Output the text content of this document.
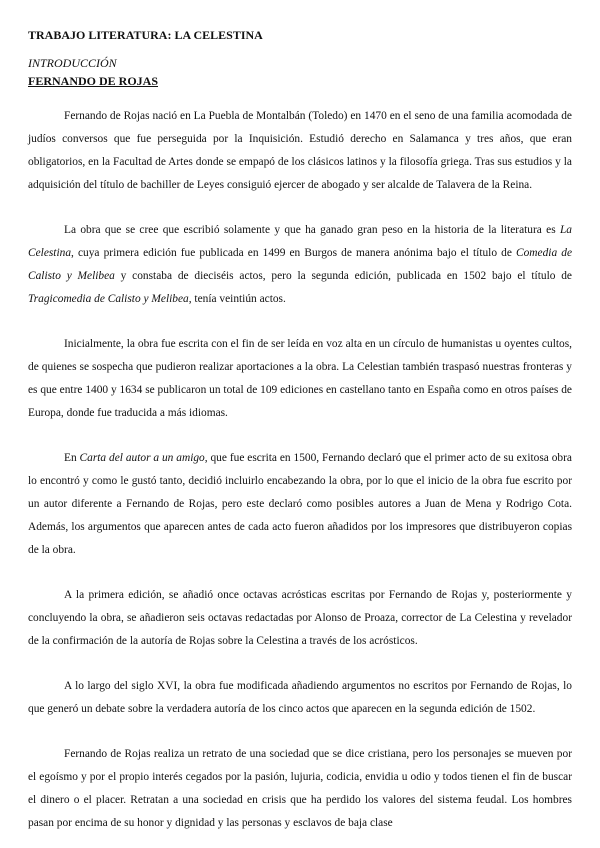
TRABAJO LITERATURA: LA CELESTINA
INTRODUCCIÓN
FERNANDO DE ROJAS

Fernando de Rojas nació en La Puebla de Montalbán (Toledo) en 1470 en el seno de una familia acomodada de judíos conversos que fue perseguida por la Inquisición. Estudió derecho en Salamanca y tres años, que eran obligatorios, en la Facultad de Artes donde se empapó de los clásicos latinos y la filosofía griega. Tras sus estudios y la adquisición del título de bachiller de Leyes consiguió ejercer de abogado y ser alcalde de Talavera de la Reina.

La obra que se cree que escribió solamente y que ha ganado gran peso en la historia de la literatura es La Celestina, cuya primera edición fue publicada en 1499 en Burgos de manera anónima bajo el título de Comedia de Calisto y Melibea y constaba de dieciséis actos, pero la segunda edición, publicada en 1502 bajo el título de Tragicomedia de Calisto y Melibea, tenía veintiún actos.

Inicialmente, la obra fue escrita con el fin de ser leída en voz alta en un círculo de humanistas u oyentes cultos, de quienes se sospecha que pudieron realizar aportaciones a la obra. La Celestian también traspasó nuestras fronteras y es que entre 1400 y 1634 se publicaron un total de 109 ediciones en castellano tanto en España como en otros países de Europa, donde fue traducida a más idiomas.

En Carta del autor a un amigo, que fue escrita en 1500, Fernando declaró que el primer acto de su exitosa obra lo encontró y como le gustó tanto, decidió incluirlo encabezando la obra, por lo que el inicio de la obra fue escrito por un autor diferente a Fernando de Rojas, pero este declaró como posibles autores a Juan de Mena y Rodrigo Cota. Además, los argumentos que aparecen antes de cada acto fueron añadidos por los impresores que distribuyeron copias de la obra.

A la primera edición, se añadió once octavas acrósticas escritas por Fernando de Rojas y, posteriormente y concluyendo la obra, se añadieron seis octavas redactadas por Alonso de Proaza, corrector de La Celestina y revelador de la confirmación de la autoría de Rojas sobre la Celestina a través de los acrósticos.

A lo largo del siglo XVI, la obra fue modificada añadiendo argumentos no escritos por Fernando de Rojas, lo que generó un debate sobre la verdadera autoría de los cinco actos que aparecen en la segunda edición de 1502.

Fernando de Rojas realiza un retrato de una sociedad que se dice cristiana, pero los personajes se mueven por el egoísmo y por el propio interés cegados por la pasión, lujuria, codicia, envidia u odio y todos tienen el fin de buscar el dinero o el placer. Retratan a una sociedad en crisis que ha perdido los valores del sistema feudal. Los hombres pasan por encima de su honor y dignidad y las personas y esclavos de baja clase
